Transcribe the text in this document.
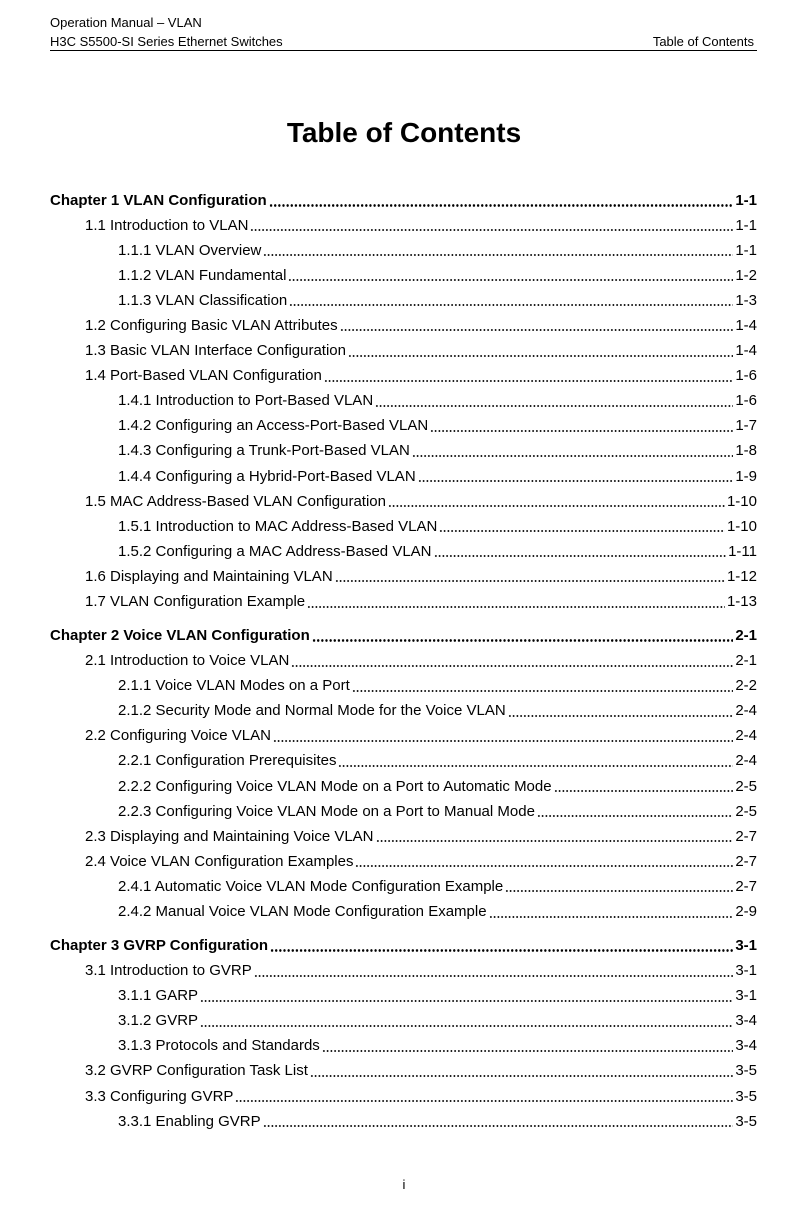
Operation Manual – VLAN
H3C S5500-SI Series Ethernet Switches	Table of Contents
Table of Contents
Chapter 1 VLAN Configuration	1-1
1.1 Introduction to VLAN	1-1
1.1.1 VLAN Overview	1-1
1.1.2 VLAN Fundamental	1-2
1.1.3 VLAN Classification	1-3
1.2 Configuring Basic VLAN Attributes	1-4
1.3 Basic VLAN Interface Configuration	1-4
1.4 Port-Based VLAN Configuration	1-6
1.4.1 Introduction to Port-Based VLAN	1-6
1.4.2 Configuring an Access-Port-Based VLAN	1-7
1.4.3 Configuring a Trunk-Port-Based VLAN	1-8
1.4.4 Configuring a Hybrid-Port-Based VLAN	1-9
1.5 MAC Address-Based VLAN Configuration	1-10
1.5.1 Introduction to MAC Address-Based VLAN	1-10
1.5.2 Configuring a MAC Address-Based VLAN	1-11
1.6 Displaying and Maintaining VLAN	1-12
1.7 VLAN Configuration Example	1-13
Chapter 2 Voice VLAN Configuration	2-1
2.1 Introduction to Voice VLAN	2-1
2.1.1 Voice VLAN Modes on a Port	2-2
2.1.2 Security Mode and Normal Mode for the Voice VLAN	2-4
2.2 Configuring Voice VLAN	2-4
2.2.1 Configuration Prerequisites	2-4
2.2.2 Configuring Voice VLAN Mode on a Port to Automatic Mode	2-5
2.2.3 Configuring Voice VLAN Mode on a Port to Manual Mode	2-5
2.3 Displaying and Maintaining Voice VLAN	2-7
2.4 Voice VLAN Configuration Examples	2-7
2.4.1 Automatic Voice VLAN Mode Configuration Example	2-7
2.4.2 Manual Voice VLAN Mode Configuration Example	2-9
Chapter 3 GVRP Configuration	3-1
3.1 Introduction to GVRP	3-1
3.1.1 GARP	3-1
3.1.2 GVRP	3-4
3.1.3 Protocols and Standards	3-4
3.2 GVRP Configuration Task List	3-5
3.3 Configuring GVRP	3-5
3.3.1 Enabling GVRP	3-5
i
